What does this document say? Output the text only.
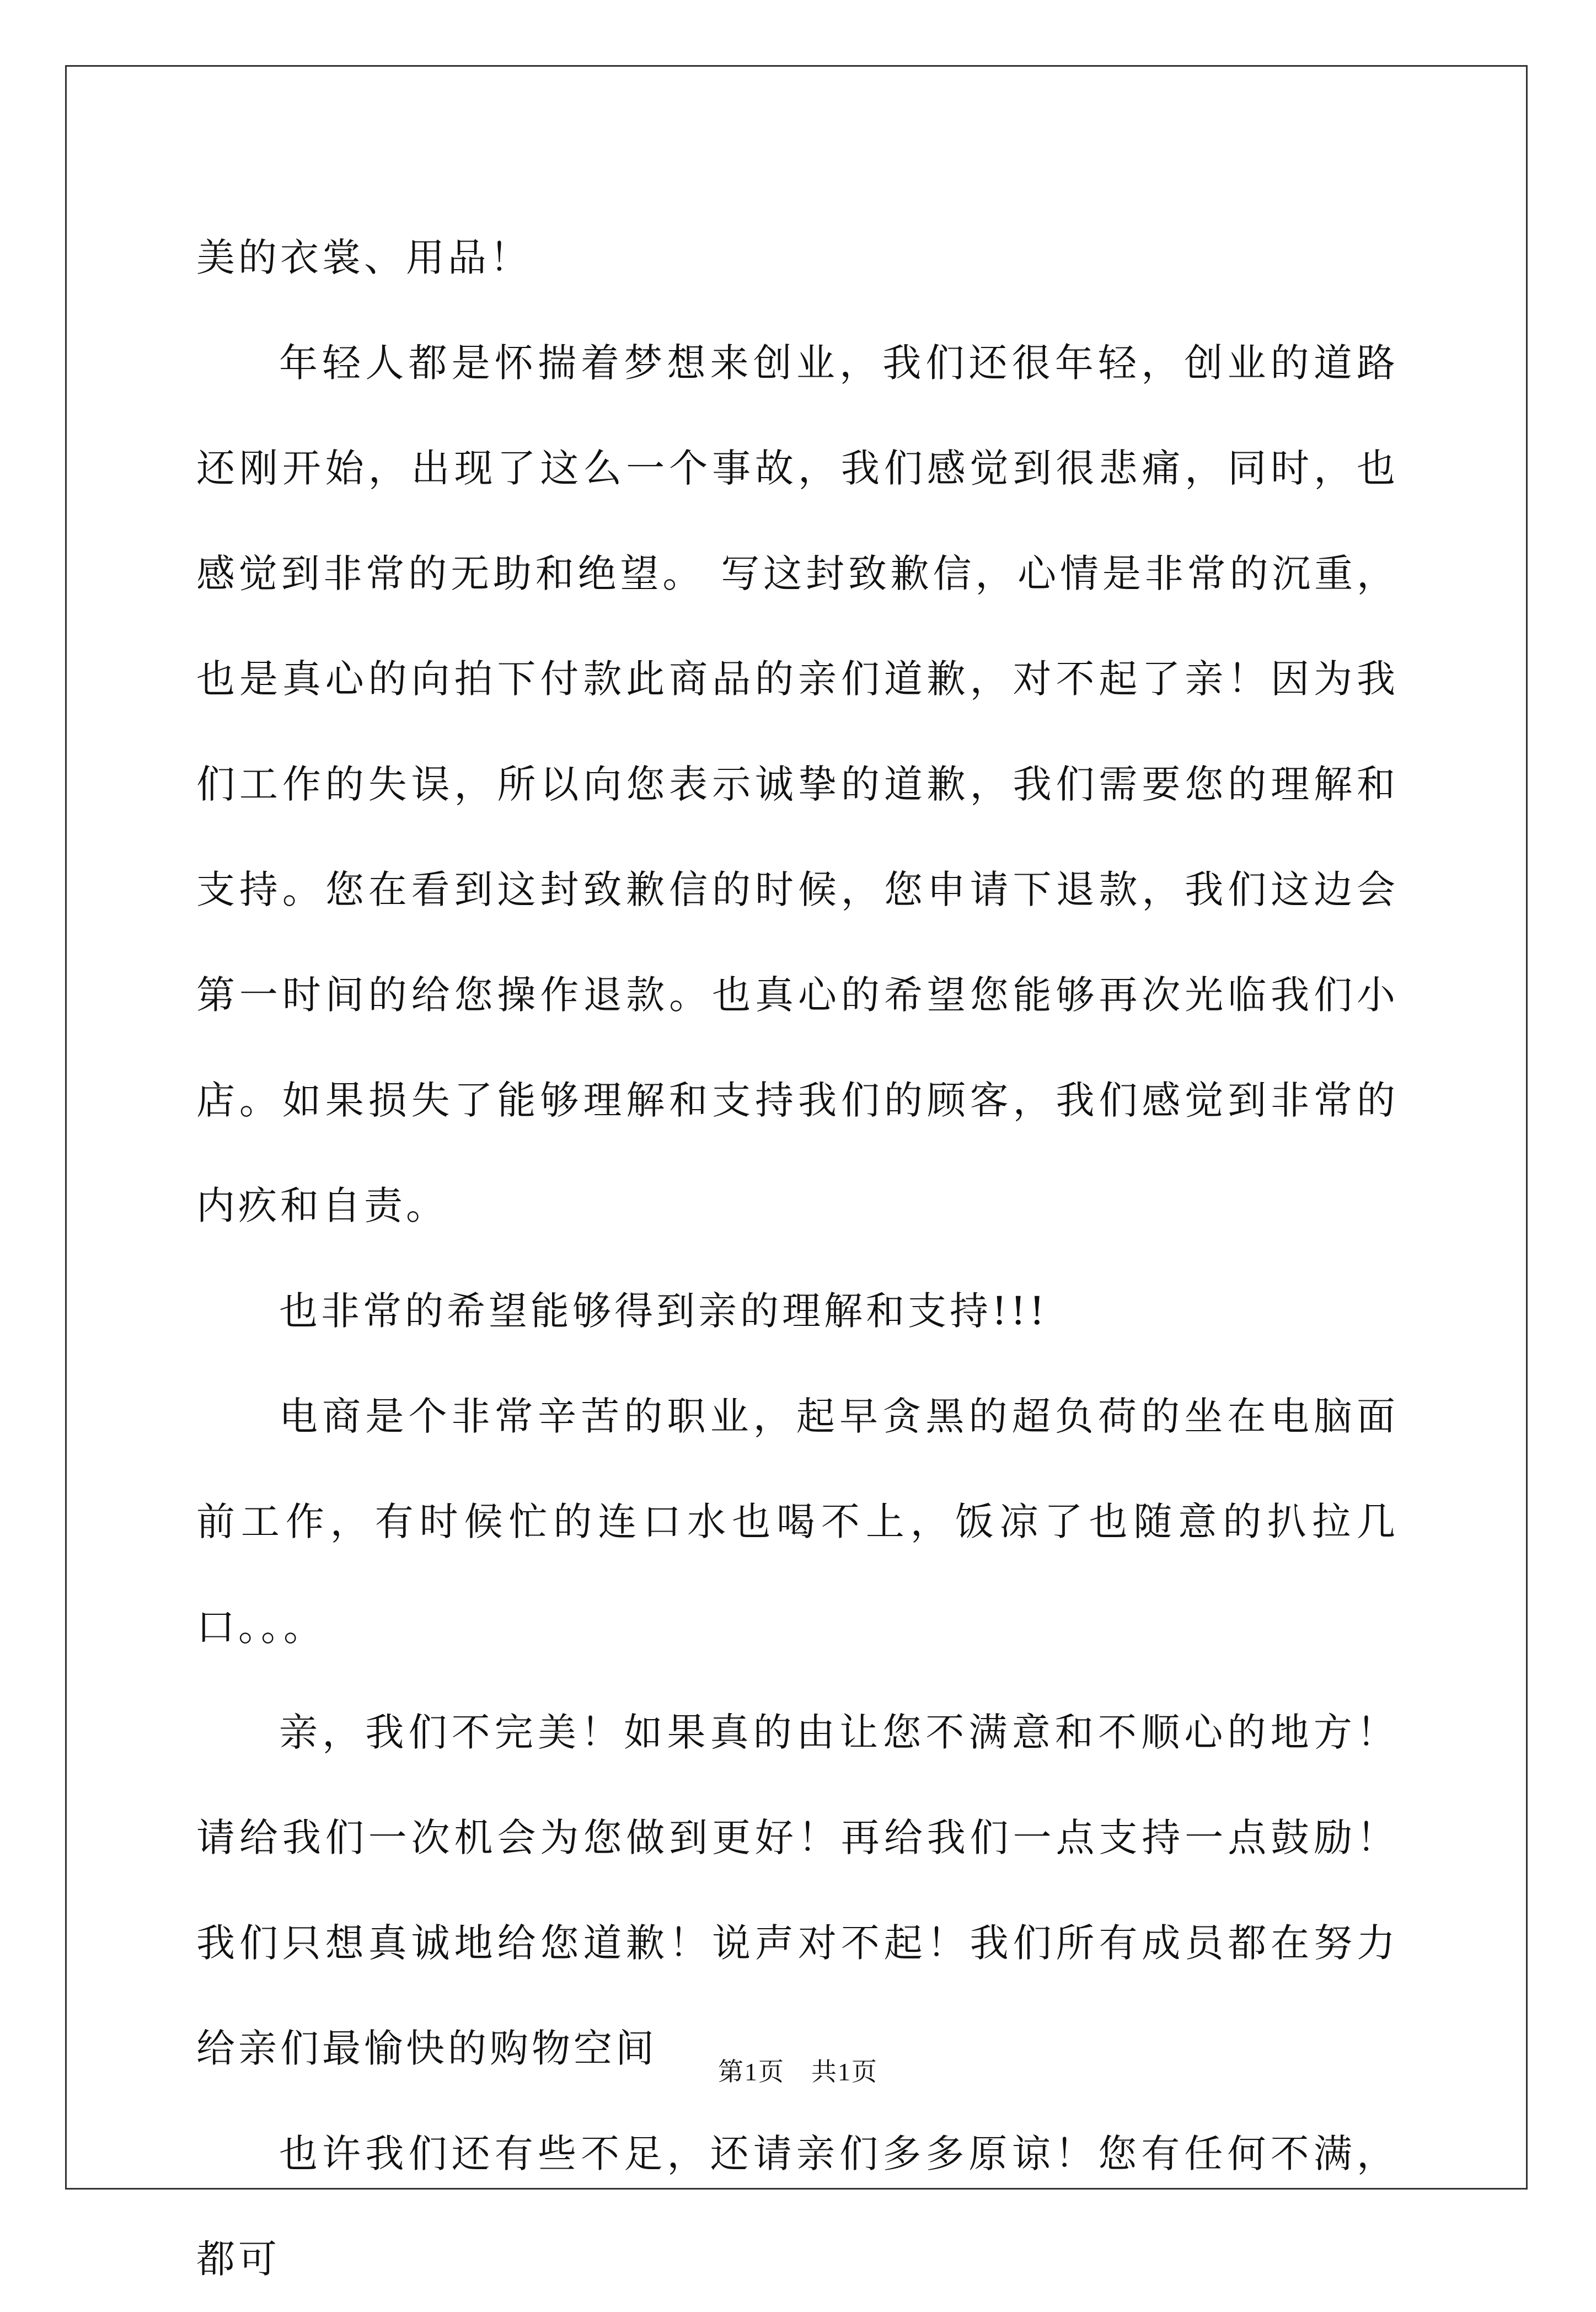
美的衣裳、用品！

年轻人都是怀揣着梦想来创业，我们还很年轻，创业的道路还刚开始，出现了这么一个事故，我们感觉到很悲痛，同时，也感觉到非常的无助和绝望。 写这封致歉信，心情是非常的沉重，也是真心的向拍下付款此商品的亲们道歉，对不起了亲！因为我们工作的失误，所以向您表示诚挚的道歉，我们需要您的理解和支持。您在看到这封致歉信的时候，您申请下退款，我们这边会第一时间的给您操作退款。也真心的希望您能够再次光临我们小店。如果损失了能够理解和支持我们的顾客，我们感觉到非常的内疚和自责。

也非常的希望能够得到亲的理解和支持!!!

电商是个非常辛苦的职业，起早贪黑的超负荷的坐在电脑面前工作，有时候忙的连口水也喝不上，饭凉了也随意的扒拉几口。。。

亲，我们不完美！如果真的由让您不满意和不顺心的地方！请给我们一次机会为您做到更好！再给我们一点支持一点鼓励！我们只想真诚地给您道歉！说声对不起！我们所有成员都在努力给亲们最愉快的购物空间

也许我们还有些不足，还请亲们多多原谅！您有任何不满，都可

第1页　共1页
